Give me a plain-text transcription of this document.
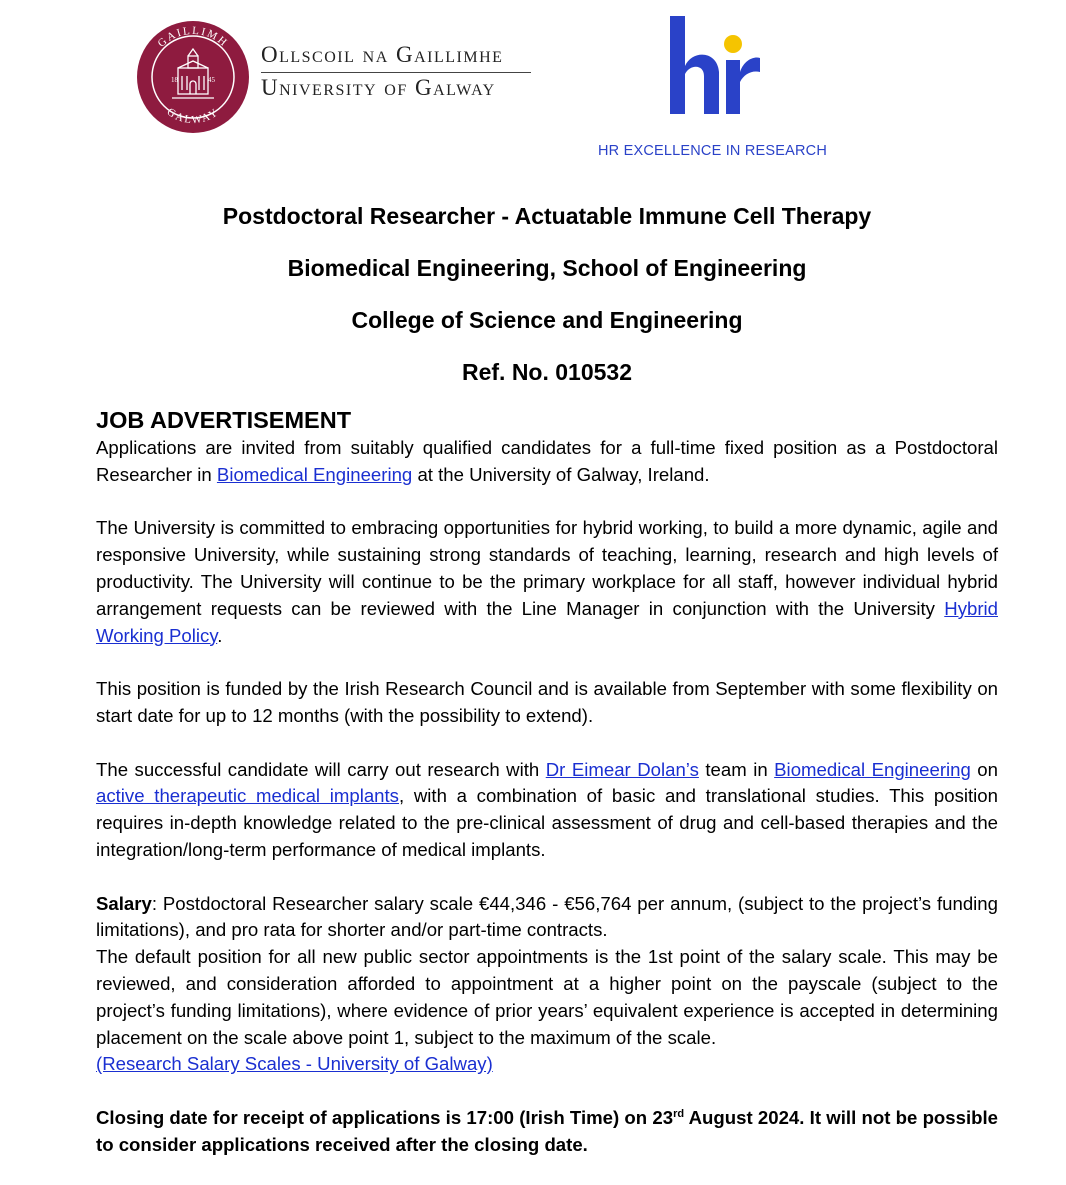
GAILLIMH
GALWAY
18	45
Ollscoil na Gaillimhe
University of Galway
HR EXCELLENCE IN RESEARCH
Postdoctoral Researcher - Actuatable Immune Cell Therapy
Biomedical Engineering, School of Engineering
College of Science and Engineering
Ref. No. 010532
JOB ADVERTISEMENT

Applications are invited from suitably qualified candidates for a full-time fixed position as a Postdoctoral Researcher in Biomedical Engineering at the University of Galway, Ireland.

The University is committed to embracing opportunities for hybrid working, to build a more dynamic, agile and responsive University, while sustaining strong standards of teaching, learning, research and high levels of productivity. The University will continue to be the primary workplace for all staff, however individual hybrid arrangement requests can be reviewed with the Line Manager in conjunction with the University Hybrid Working Policy.

This position is funded by the Irish Research Council and is available from September with some flexibility on start date for up to 12 months (with the possibility to extend).

The successful candidate will carry out research with Dr Eimear Dolan’s team in Biomedical Engineering on active therapeutic medical implants, with a combination of basic and translational studies. This position requires in-depth knowledge related to the pre-clinical assessment of drug and cell-based therapies and the integration/long-term performance of medical implants.

Salary: Postdoctoral Researcher salary scale €44,346 - €56,764 per annum, (subject to the project’s funding limitations), and pro rata for shorter and/or part-time contracts.

The default position for all new public sector appointments is the 1st point of the salary scale. This may be reviewed, and consideration afforded to appointment at a higher point on the payscale (subject to the project’s funding limitations), where evidence of prior years’ equivalent experience is accepted in determining placement on the scale above point 1, subject to the maximum of the scale.

(Research Salary Scales - University of Galway)

Closing date for receipt of applications is 17:00 (Irish Time) on 23rd August 2024. It will not be possible to consider applications received after the closing date.
